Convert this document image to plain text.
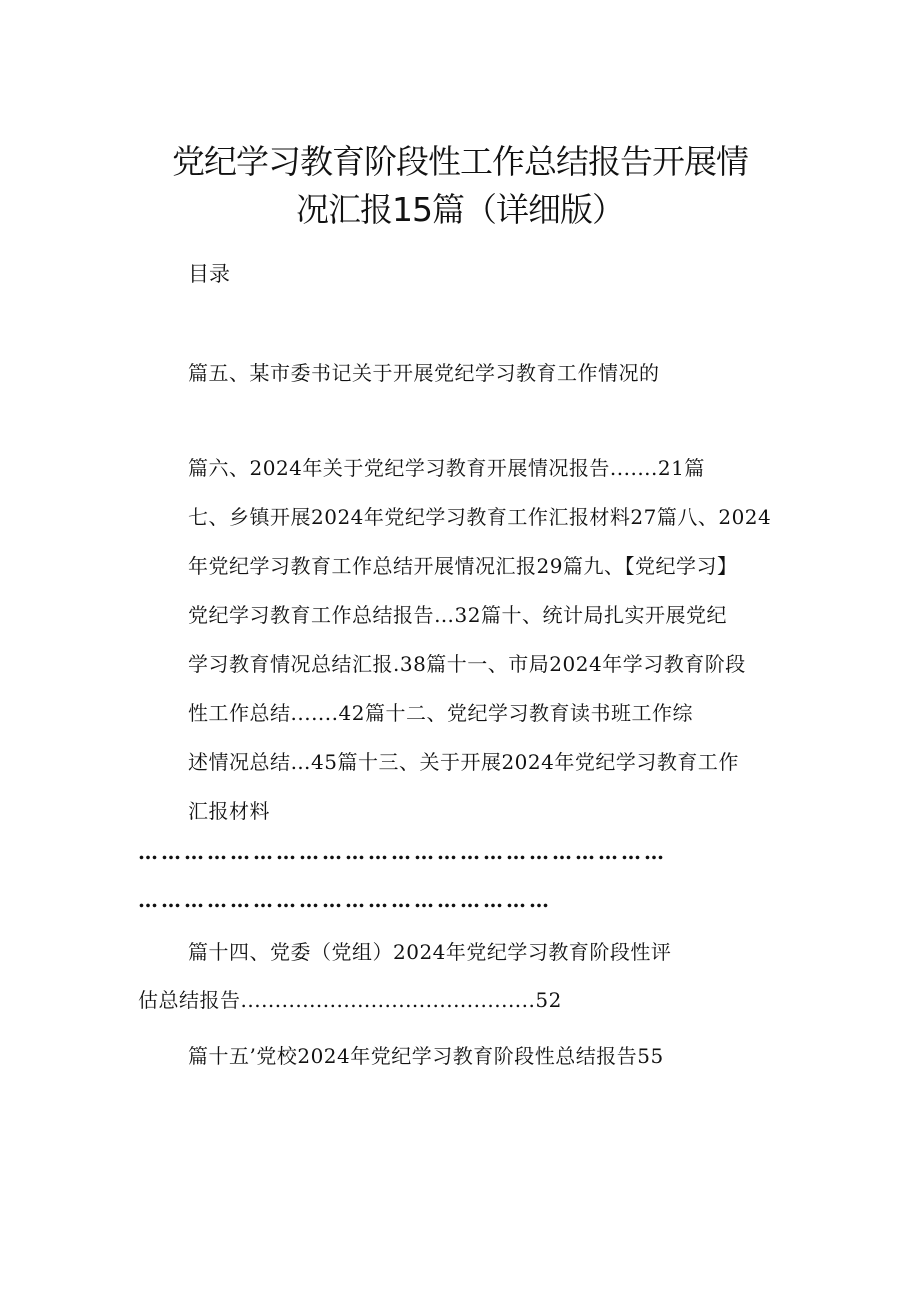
党纪学习教育阶段性工作总结报告开展情
况汇报15篇（详细版）
目录
篇五、某市委书记关于开展党纪学习教育工作情况的
篇六、2024年关于党纪学习教育开展情况报告.......21篇
七、乡镇开展2024年党纪学习教育工作汇报材料27篇八、2024
年党纪学习教育工作总结开展情况汇报29篇九、【党纪学习】
党纪学习教育工作总结报告…32篇十、统计局扎实开展党纪
学习教育情况总结汇报.38篇十一、市局2024年学习教育阶段
性工作总结.......42篇十二、党纪学习教育读书班工作综
述情况总结…45篇十三、关于开展2024年党纪学习教育工作
汇报材料
……………………………………………………………
………………………………………………
篇十四、党委（党组）2024年党纪学习教育阶段性评
估总结报告...........................................52
篇十五’党校2024年党纪学习教育阶段性总结报告55
